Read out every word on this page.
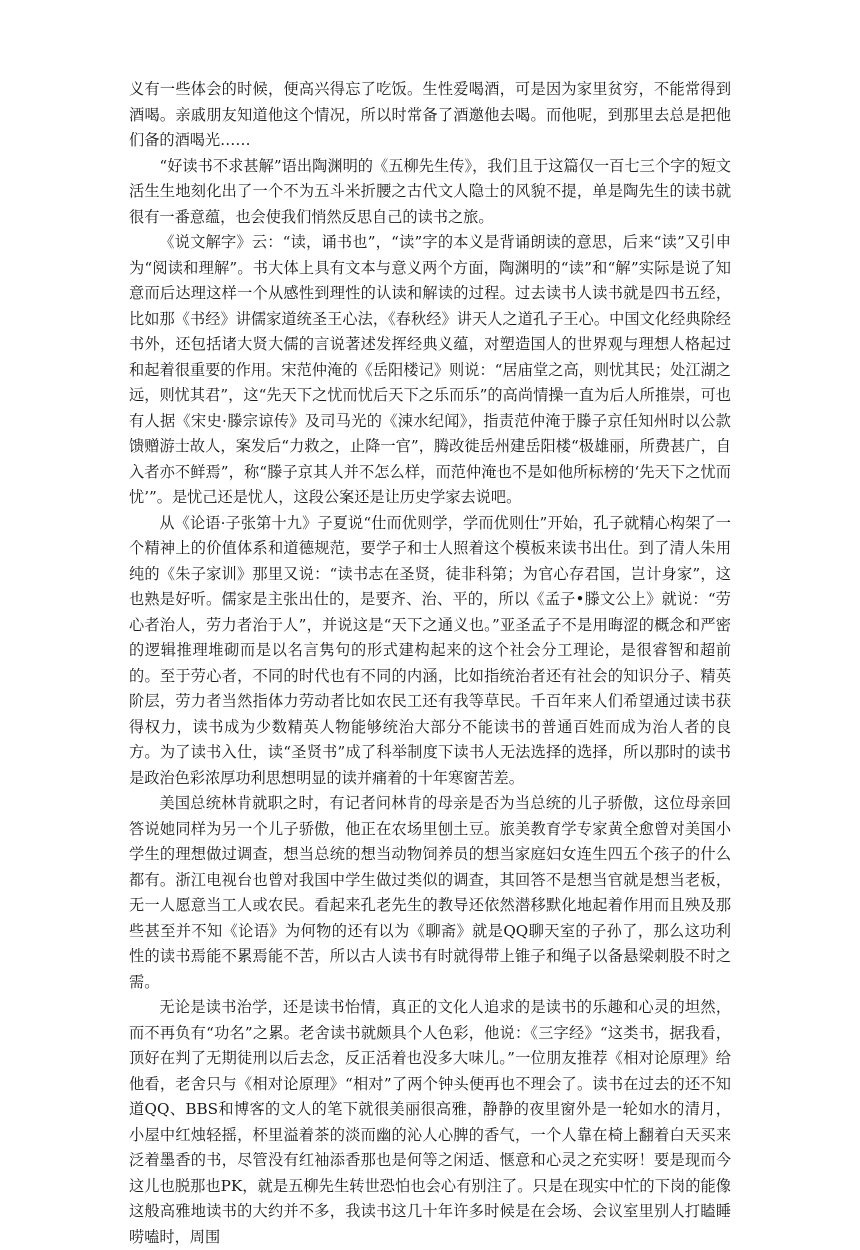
义有一些体会的时候，便高兴得忘了吃饭。生性爱喝酒，可是因为家里贫穷，不能常得到酒喝。亲戚朋友知道他这个情况，所以时常备了酒邀他去喝。而他呢，到那里去总是把他们备的酒喝光……

“好读书不求甚解”语出陶渊明的《五柳先生传》，我们且于这篇仅一百七三个字的短文活生生地刻化出了一个不为五斗米折腰之古代文人隐士的风貌不提，单是陶先生的读书就很有一番意蕴，也会使我们悄然反思自己的读书之旅。

《说文解字》云：“读，诵书也”，“读”字的本义是背诵朗读的意思，后来“读”又引申为“阅读和理解”。书大体上具有文本与意义两个方面，陶渊明的“读”和“解”实际是说了知意而后达理这样一个从感性到理性的认读和解读的过程。过去读书人读书就是四书五经，比如那《书经》讲儒家道统圣王心法，《春秋经》讲天人之道孔子王心。中国文化经典除经书外，还包括诸大贤大儒的言说著述发挥经典义蕴，对塑造国人的世界观与理想人格起过和起着很重要的作用。宋范仲淹的《岳阳楼记》则说：“居庙堂之高，则忧其民；处江湖之远，则忧其君”，这“先天下之忧而忧后天下之乐而乐”的高尚情操一直为后人所推崇，可也有人据《宋史·滕宗谅传》及司马光的《涑水纪闻》，指责范仲淹于滕子京任知州时以公款馈赠游士故人，案发后“力救之，止降一官”，腾改徙岳州建岳阳楼“极雄丽，所费甚广，自入者亦不鲜焉”，称“滕子京其人并不怎么样，而范仲淹也不是如他所标榜的‘先天下之忧而忧’”。是忧己还是忧人，这段公案还是让历史学家去说吧。

从《论语·子张第十九》子夏说“仕而优则学，学而优则仕”开始，孔子就精心构架了一个精神上的价值体系和道德规范，要学子和士人照着这个模板来读书出仕。到了清人朱用纯的《朱子家训》那里又说：“读书志在圣贤，徒非科第；为官心存君国，岂计身家”，这也熟是好听。儒家是主张出仕的，是要齐、治、平的，所以《孟子•滕文公上》就说：“劳心者治人，劳力者治于人”，并说这是“天下之通义也。”亚圣孟子不是用晦涩的概念和严密的逻辑推理堆砌而是以名言隽句的形式建构起来的这个社会分工理论，是很睿智和超前的。至于劳心者，不同的时代也有不同的内涵，比如指统治者还有社会的知识分子、精英阶层，劳力者当然指体力劳动者比如农民工还有我等草民。千百年来人们希望通过读书获得权力，读书成为少数精英人物能够统治大部分不能读书的普通百姓而成为治人者的良方。为了读书入仕，读“圣贤书”成了科举制度下读书人无法选择的选择，所以那时的读书是政治色彩浓厚功利思想明显的读并痛着的十年寒窗苦差。

美国总统林肯就职之时，有记者问林肯的母亲是否为当总统的儿子骄傲，这位母亲回答说她同样为另一个儿子骄傲，他正在农场里刨土豆。旅美教育学专家黄全愈曾对美国小学生的理想做过调查，想当总统的想当动物饲养员的想当家庭妇女连生四五个孩子的什么都有。浙江电视台也曾对我国中学生做过类似的调查，其回答不是想当官就是想当老板，无一人愿意当工人或农民。看起来孔老先生的教导还依然潜移默化地起着作用而且殃及那些甚至并不知《论语》为何物的还有以为《聊斋》就是QQ聊天室的子孙了，那么这功利性的读书焉能不累焉能不苦，所以古人读书有时就得带上锥子和绳子以备悬梁刺股不时之需。

无论是读书治学，还是读书怡情，真正的文化人追求的是读书的乐趣和心灵的坦然，而不再负有“功名”之累。老舍读书就颇具个人色彩，他说：《三字经》“这类书，据我看，顶好在判了无期徒刑以后去念，反正活着也没多大味儿。”一位朋友推荐《相对论原理》给他看，老舍只与《相对论原理》“相对”了两个钟头便再也不理会了。读书在过去的还不知道QQ、BBS和博客的文人的笔下就很美丽很高雅，静静的夜里窗外是一轮如水的清月，小屋中红烛轻摇，杯里溢着茶的淡而幽的沁人心脾的香气，一个人靠在椅上翻着白天买来泛着墨香的书，尽管没有红袖添香那也是何等之闲适、惬意和心灵之充实呀！要是现而今这儿也脱那也PK，就是五柳先生转世恐怕也会心有别注了。只是在现实中忙的下岗的能像这般高雅地读书的大约并不多，我读书这几十年许多时候是在会场、会议室里别人打瞌睡唠嗑时，周围
